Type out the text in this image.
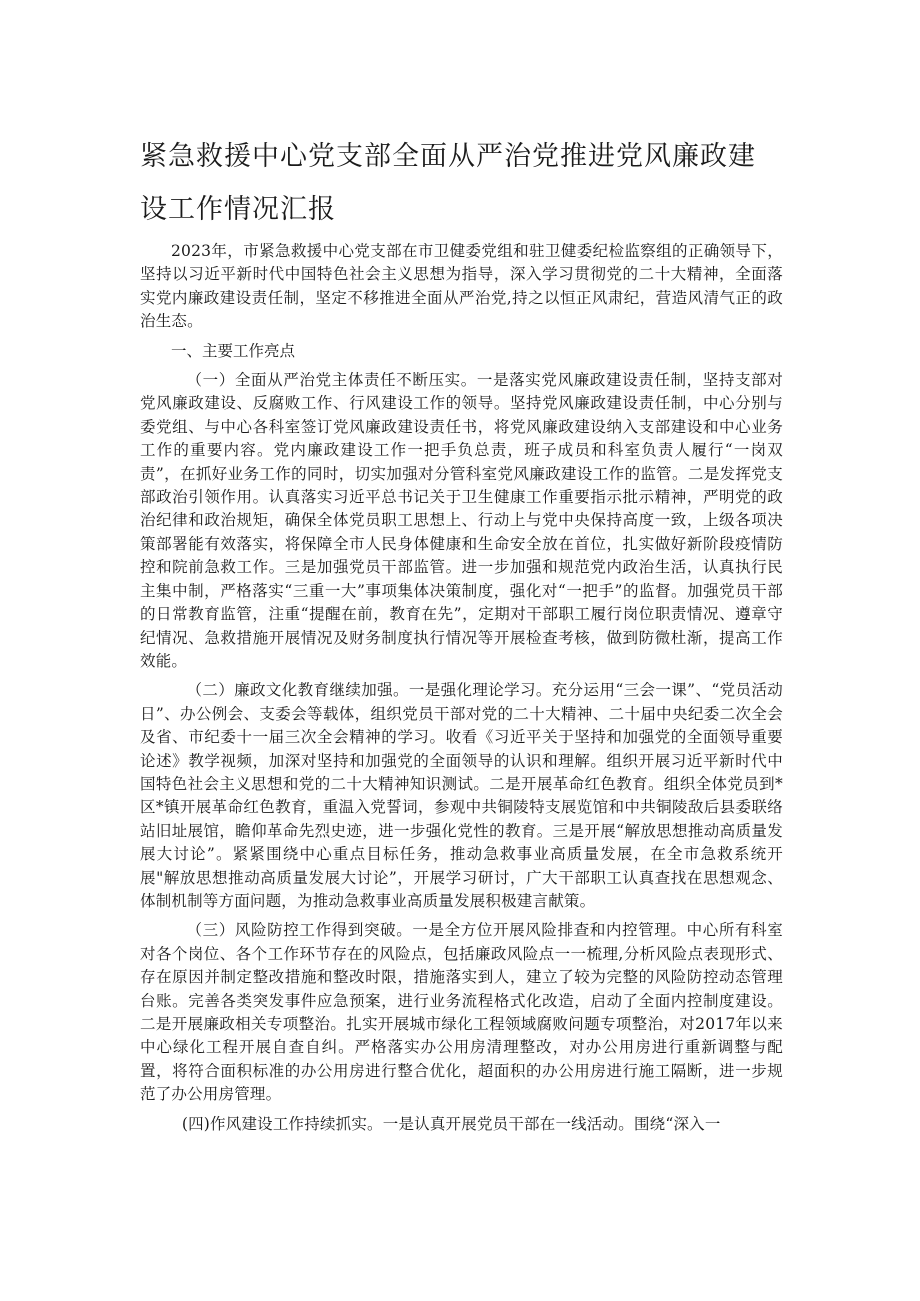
紧急救援中心党支部全面从严治党推进党风廉政建设工作情况汇报

2023年，市紧急救援中心党支部在市卫健委党组和驻卫健委纪检监察组的正确领导下，坚持以习近平新时代中国特色社会主义思想为指导，深入学习贯彻党的二十大精神，全面落实党内廉政建设责任制，坚定不移推进全面从严治党,持之以恒正风肃纪，营造风清气正的政治生态。

一、主要工作亮点

（一）全面从严治党主体责任不断压实。一是落实党风廉政建设责任制，坚持支部对党风廉政建设、反腐败工作、行风建设工作的领导。坚持党风廉政建设责任制，中心分别与委党组、与中心各科室签订党风廉政建设责任书，将党风廉政建设纳入支部建设和中心业务工作的重要内容。党内廉政建设工作一把手负总责，班子成员和科室负责人履行“一岗双责”，在抓好业务工作的同时，切实加强对分管科室党风廉政建设工作的监管。二是发挥党支部政治引领作用。认真落实习近平总书记关于卫生健康工作重要指示批示精神，严明党的政治纪律和政治规矩，确保全体党员职工思想上、行动上与党中央保持高度一致，上级各项决策部署能有效落实，将保障全市人民身体健康和生命安全放在首位，扎实做好新阶段疫情防控和院前急救工作。三是加强党员干部监管。进一步加强和规范党内政治生活，认真执行民主集中制，严格落实“三重一大”事项集体决策制度，强化对“一把手”的监督。加强党员干部的日常教育监管，注重“提醒在前，教育在先”，定期对干部职工履行岗位职责情况、遵章守纪情况、急救措施开展情况及财务制度执行情况等开展检查考核，做到防微杜渐，提高工作效能。

（二）廉政文化教育继续加强。一是强化理论学习。充分运用“三会一课”、“党员活动日”、办公例会、支委会等载体，组织党员干部对党的二十大精神、二十届中央纪委二次全会及省、市纪委十一届三次全会精神的学习。收看《习近平关于坚持和加强党的全面领导重要论述》教学视频，加深对坚持和加强党的全面领导的认识和理解。组织开展习近平新时代中国特色社会主义思想和党的二十大精神知识测试。二是开展革命红色教育。组织全体党员到*区*镇开展革命红色教育，重温入党誓词，参观中共铜陵特支展览馆和中共铜陵敌后县委联络站旧址展馆，瞻仰革命先烈史迹，进一步强化党性的教育。三是开展“解放思想推动高质量发展大讨论”。紧紧围绕中心重点目标任务，推动急救事业高质量发展，在全市急救系统开展"解放思想推动高质量发展大讨论”，开展学习研讨，广大干部职工认真查找在思想观念、体制机制等方面问题，为推动急救事业高质量发展积极建言献策。

（三）风险防控工作得到突破。一是全方位开展风险排查和内控管理。中心所有科室对各个岗位、各个工作环节存在的风险点，包括廉政风险点一一梳理,分析风险点表现形式、存在原因并制定整改措施和整改时限，措施落实到人，建立了较为完整的风险防控动态管理台账。完善各类突发事件应急预案，进行业务流程格式化改造，启动了全面内控制度建设。二是开展廉政相关专项整治。扎实开展城市绿化工程领域腐败问题专项整治，对2017年以来中心绿化工程开展自查自纠。严格落实办公用房清理整改，对办公用房进行重新调整与配置，将符合面积标准的办公用房进行整合优化，超面积的办公用房进行施工隔断，进一步规范了办公用房管理。

(四)作风建设工作持续抓实。一是认真开展党员干部在一线活动。围绕“深入一
